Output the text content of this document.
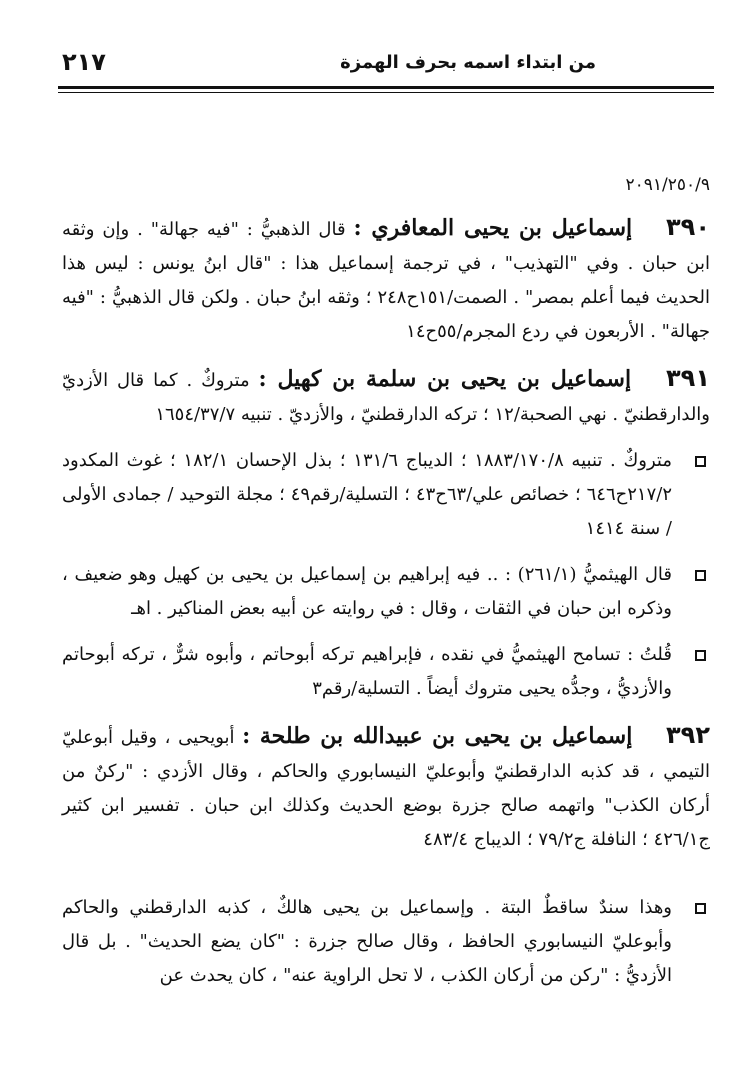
من ابتداء اسمه بحرف الهمزة
٢١٧
٢٠٩١/٢٥٠/٩
٣٩٠ إسماعيل بن يحيى المعافري : قال الذهبيُّ : "فيه جهالة" . وإن وثقه ابن حبان . وفي "التهذيب" ، في ترجمة إسماعيل هذا : "قال ابنُ يونس : ليس هذا الحديث فيما أعلم بمصر" . الصمت/١٥١ح٢٤٨ ؛ وثقه ابنُ حبان . ولكن قال الذهبيُّ : "فيه جهالة" . الأربعون في ردع المجرم/٥٥ح١٤
٣٩١ إسماعيل بن يحيى بن سلمة بن كهيل : متروكٌ . كما قال الأزديّ والدارقطنيّ . نهي الصحبة/١٢ ؛ تركه الدارقطنيّ ، والأزديّ . تنبيه ١٦٥٤/٣٧/٧
متروكٌ . تنبيه ١٨٨٣/١٧٠/٨ ؛ الديباج ١٣١/٦ ؛ بذل الإحسان ١٨٢/١ ؛ غوث المكدود ٢١٧/٢ح٦٤٦ ؛ خصائص علي/٦٣ح٤٣ ؛ التسلية/رقم٤٩ ؛ مجلة التوحيد / جمادى الأولى / سنة ١٤١٤
قال الهيثميُّ (٢٦١/١) : .. فيه إبراهيم بن إسماعيل بن يحيى بن كهيل وهو ضعيف ، وذكره ابن حبان في الثقات ، وقال : في روايته عن أبيه بعض المناكير . اهـ
قُلتُ : تسامح الهيثميُّ في نقده ، فإبراهيم تركه أبوحاتم ، وأبوه شرٌّ ، تركه أبوحاتم والأزديُّ ، وجدُّه يحيى متروك أيضاً . التسلية/رقم٣
٣٩٢ إسماعيل بن يحيى بن عبيدالله بن طلحة : أبويحيى ، وقيل أبوعليّ التيمي ، قد كذبه الدارقطنيّ وأبوعليّ النيسابوري والحاكم ، وقال الأزدي : "ركنٌ من أركان الكذب" واتهمه صالح جزرة بوضع الحديث وكذلك ابن حبان . تفسير ابن كثير ج٤٢٦/١ ؛ النافلة ج٧٩/٢ ؛ الديباج ٤٨٣/٤
وهذا سندٌ ساقطٌ البتة . وإسماعيل بن يحيى هالكٌ ، كذبه الدارقطني والحاكم وأبوعليّ النيسابوري الحافظ ، وقال صالح جزرة : "كان يضع الحديث" . بل قال الأزديُّ : "ركن من أركان الكذب ، لا تحل الراوية عنه" ، كان يحدث عن
